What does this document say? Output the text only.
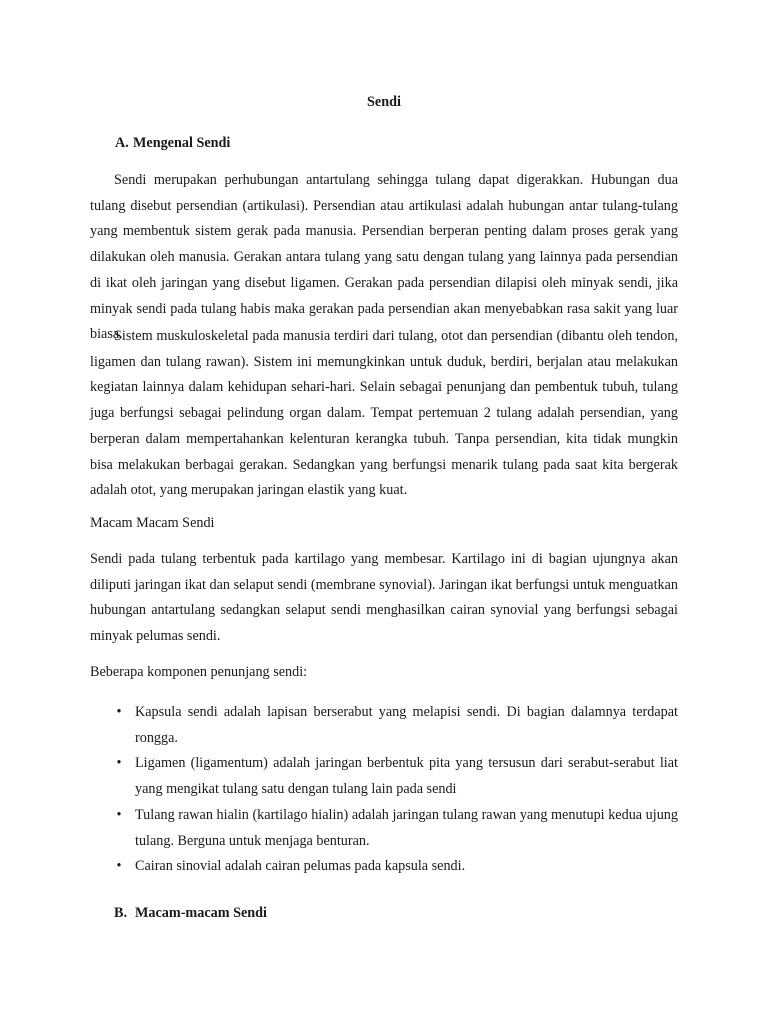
Sendi
A. Mengenal Sendi

Sendi merupakan perhubungan antartulang sehingga tulang dapat digerakkan. Hubungan dua tulang disebut persendian (artikulasi). Persendian atau artikulasi adalah hubungan antar tulang-tulang yang membentuk sistem gerak pada manusia. Persendian berperan penting dalam proses gerak yang dilakukan oleh manusia. Gerakan antara tulang yang satu dengan tulang yang lainnya pada persendian di ikat oleh jaringan yang disebut ligamen. Gerakan pada persendian dilapisi oleh minyak sendi, jika minyak sendi pada tulang habis maka gerakan pada persendian akan menyebabkan rasa sakit yang luar biasa.

Sistem muskuloskeletal pada manusia terdiri dari tulang, otot dan persendian (dibantu oleh tendon, ligamen dan tulang rawan). Sistem ini memungkinkan untuk duduk, berdiri, berjalan atau melakukan kegiatan lainnya dalam kehidupan sehari-hari. Selain sebagai penunjang dan pembentuk tubuh, tulang juga berfungsi sebagai pelindung organ dalam. Tempat pertemuan 2 tulang adalah persendian, yang berperan dalam mempertahankan kelenturan kerangka tubuh. Tanpa persendian, kita tidak mungkin bisa melakukan berbagai gerakan. Sedangkan yang berfungsi menarik tulang pada saat kita bergerak adalah otot, yang merupakan jaringan elastik yang kuat.

Macam Macam Sendi

Sendi pada tulang terbentuk pada kartilago yang membesar. Kartilago ini di bagian ujungnya akan diliputi jaringan ikat dan selaput sendi (membrane synovial). Jaringan ikat berfungsi untuk menguatkan hubungan antartulang sedangkan selaput sendi menghasilkan cairan synovial yang berfungsi sebagai minyak pelumas sendi.

Beberapa komponen penunjang sendi:

• Kapsula sendi adalah lapisan berserabut yang melapisi sendi. Di bagian dalamnya terdapat rongga.
• Ligamen (ligamentum) adalah jaringan berbentuk pita yang tersusun dari serabut-serabut liat yang mengikat tulang satu dengan tulang lain pada sendi
• Tulang rawan hialin (kartilago hialin) adalah jaringan tulang rawan yang menutupi kedua ujung tulang. Berguna untuk menjaga benturan.
• Cairan sinovial adalah cairan pelumas pada kapsula sendi.
B. Macam-macam Sendi
